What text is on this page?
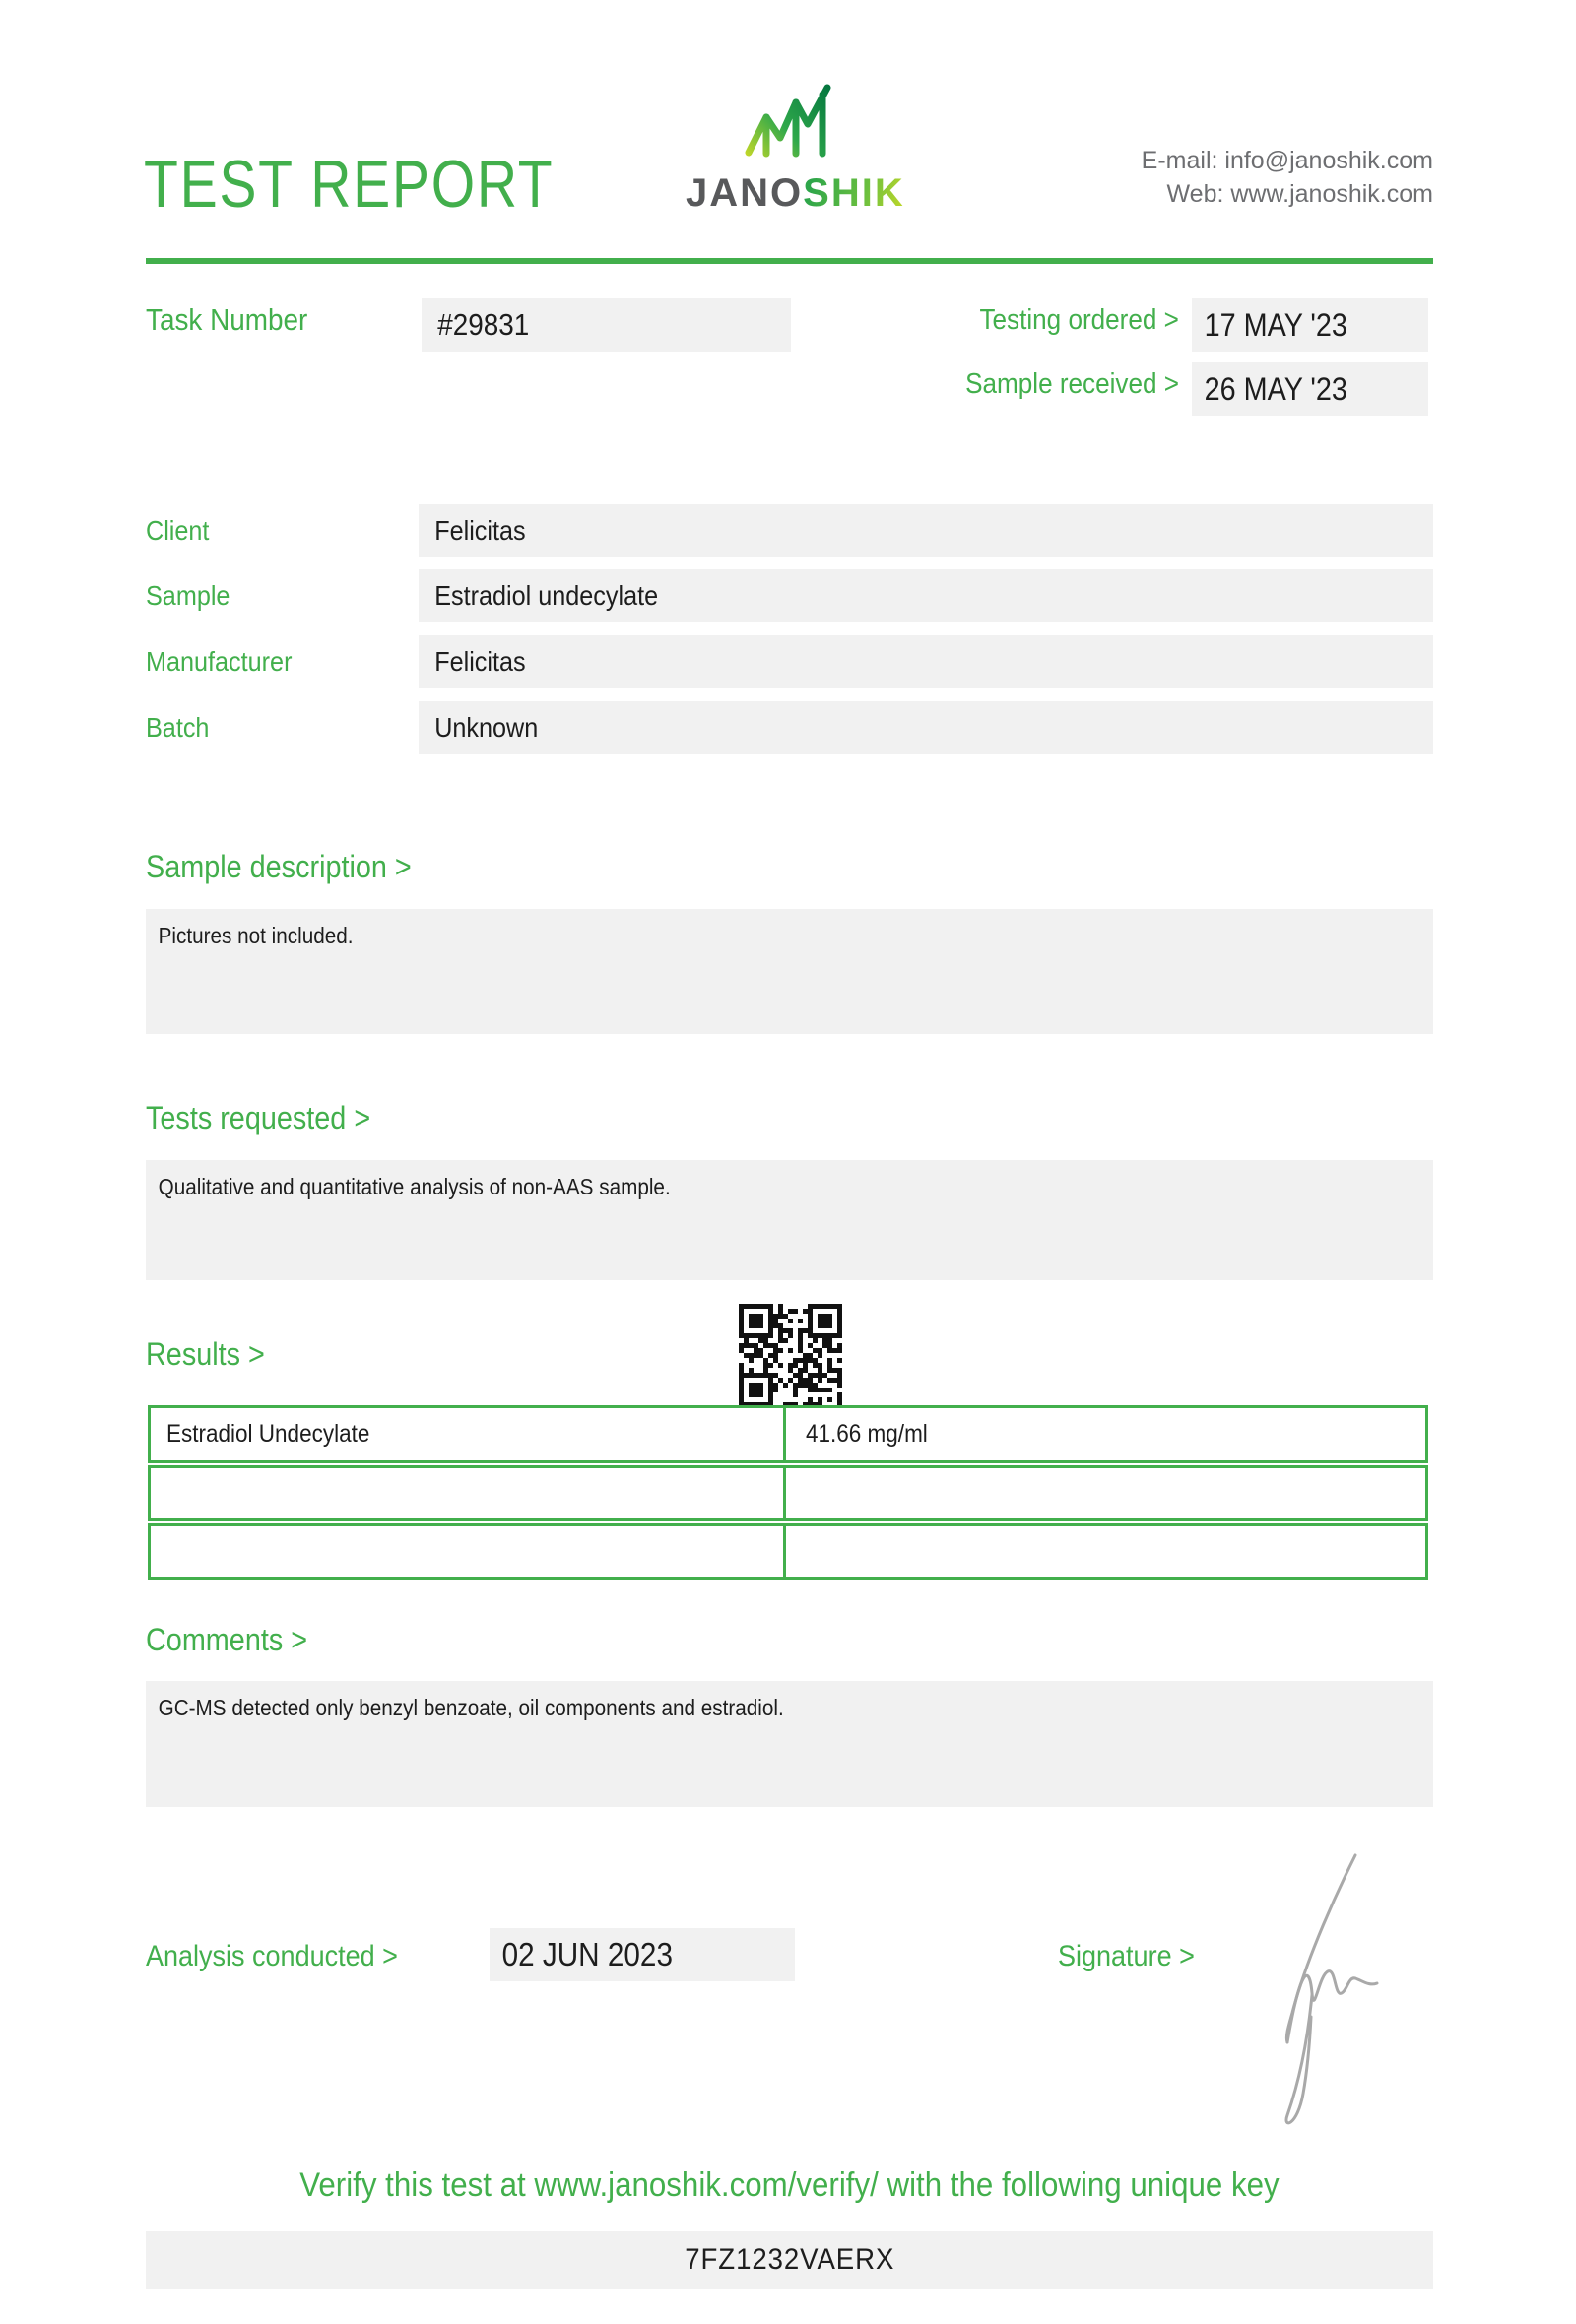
TEST REPORT	JANOSHIK
E-mail: info@janoshik.com
Web: www.janoshik.com
Task Number	#29831	Testing ordered > 17 MAY '23
Sample received > 26 MAY '23
Client	Felicitas
Sample	Estradiol undecylate
Manufacturer	Felicitas
Batch	Unknown
Sample description >
Pictures not included.
Tests requested >
Qualitative and quantitative analysis of non-AAS sample.
Results >
Estradiol Undecylate	41.66 mg/ml
Comments >
GC-MS detected only benzyl benzoate, oil components and estradiol.
Analysis conducted >	02 JUN 2023	Signature >
Verify this test at www.janoshik.com/verify/ with the following unique key
7FZ1232VAERX
